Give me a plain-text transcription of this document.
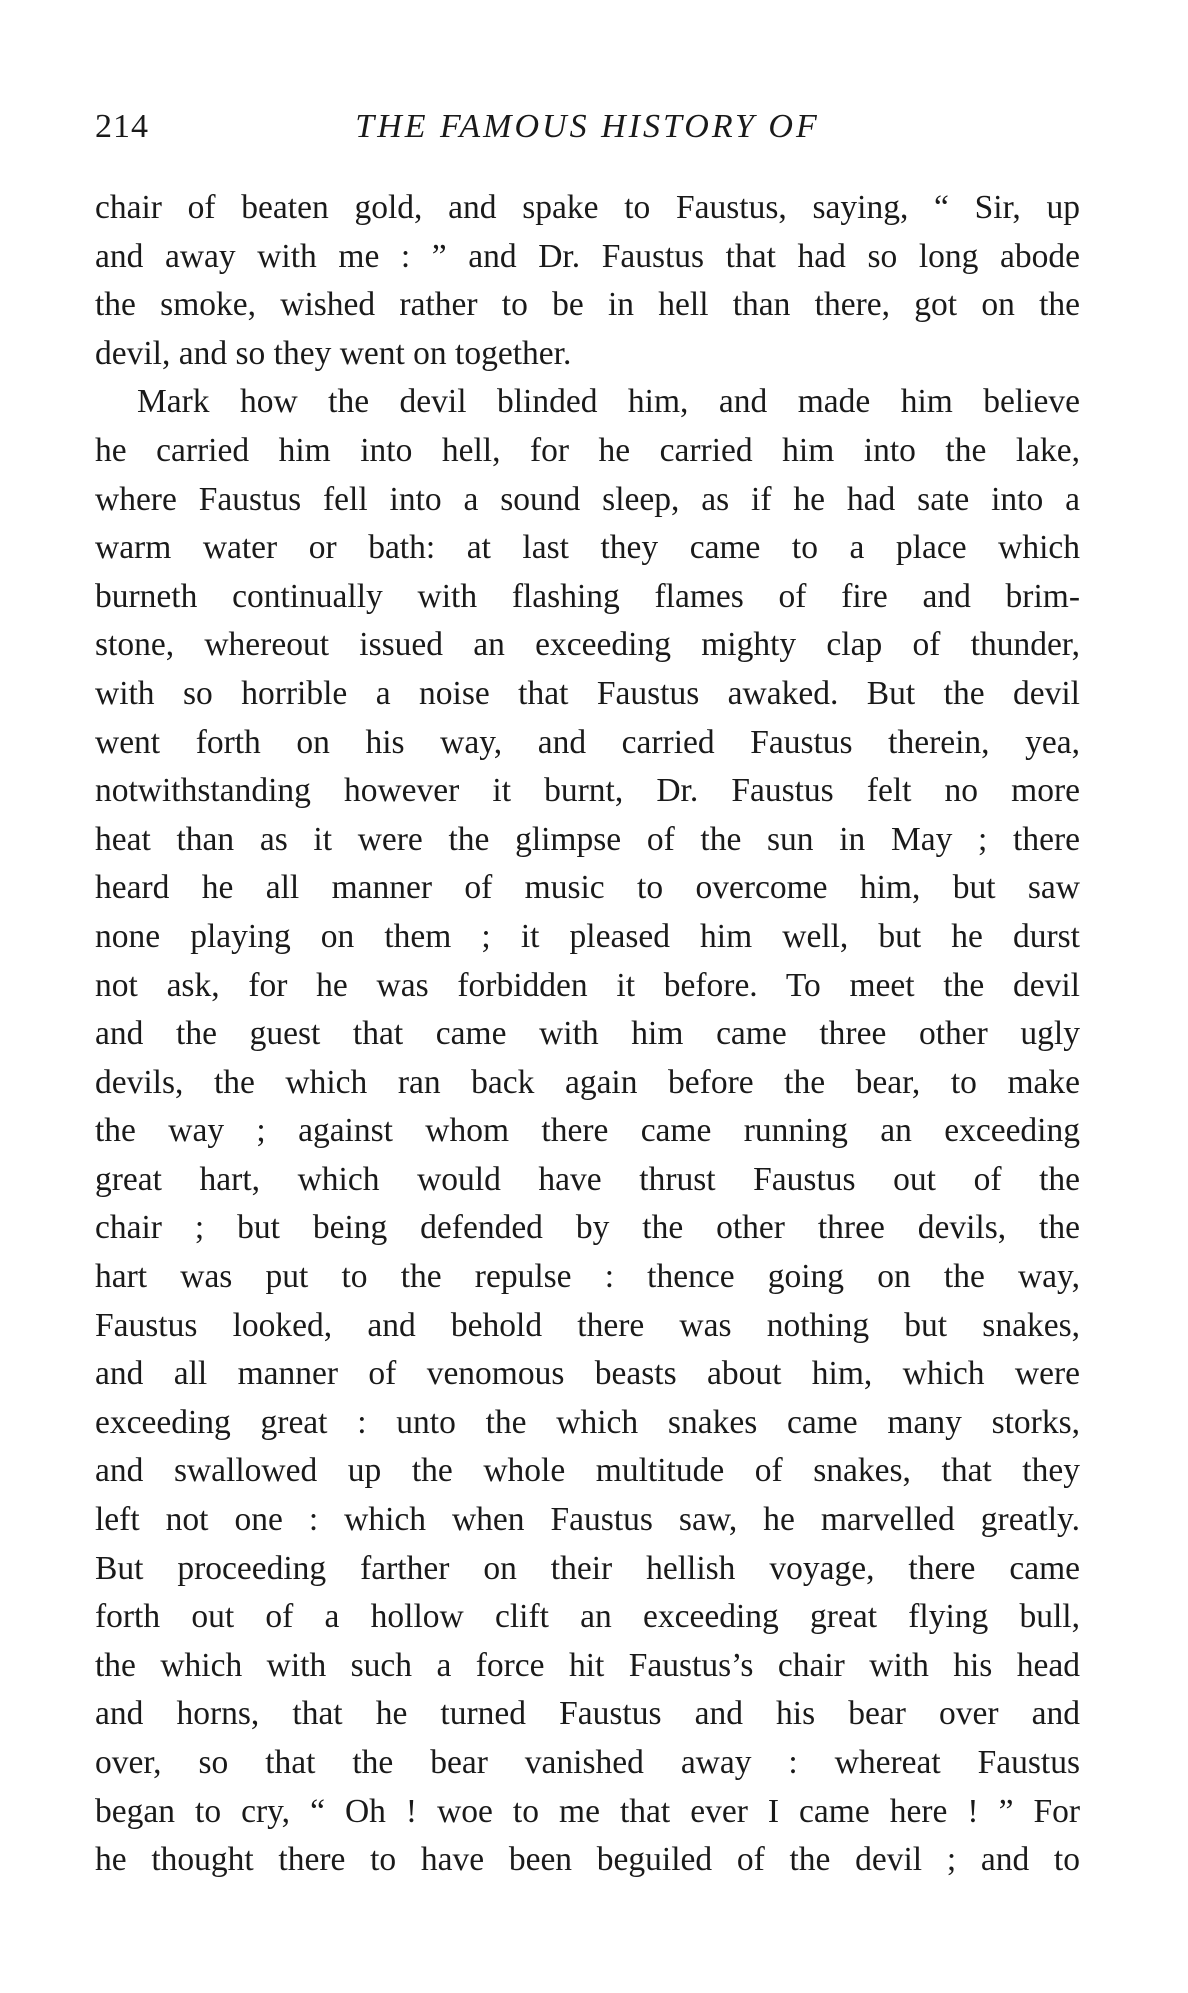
214	THE FAMOUS HISTORY OF
chair of beaten gold, and spake to Faustus, saying, “ Sir, up
and away with me : ” and Dr. Faustus that had so long abode
the smoke, wished rather to be in hell than there, got on the
devil, and so they went on together.
Mark how the devil blinded him, and made him believe
he carried him into hell, for he carried him into the lake,
where Faustus fell into a sound sleep, as if he had sate into a
warm water or bath: at last they came to a place which
burneth continually with flashing flames of fire and brim-
stone, whereout issued an exceeding mighty clap of thunder,
with so horrible a noise that Faustus awaked. But the devil
went forth on his way, and carried Faustus therein, yea,
notwithstanding however it burnt, Dr. Faustus felt no more
heat than as it were the glimpse of the sun in May ; there
heard he all manner of music to overcome him, but saw
none playing on them ; it pleased him well, but he durst
not ask, for he was forbidden it before. To meet the devil
and the guest that came with him came three other ugly
devils, the which ran back again before the bear, to make
the way ; against whom there came running an exceeding
great hart, which would have thrust Faustus out of the
chair ; but being defended by the other three devils, the
hart was put to the repulse : thence going on the way,
Faustus looked, and behold there was nothing but snakes,
and all manner of venomous beasts about him, which were
exceeding great : unto the which snakes came many storks,
and swallowed up the whole multitude of snakes, that they
left not one : which when Faustus saw, he marvelled greatly.
But proceeding farther on their hellish voyage, there came
forth out of a hollow clift an exceeding great flying bull,
the which with such a force hit Faustus’s chair with his head
and horns, that he turned Faustus and his bear over and
over, so that the bear vanished away : whereat Faustus
began to cry, “ Oh ! woe to me that ever I came here ! ” For
he thought there to have been beguiled of the devil ; and to
